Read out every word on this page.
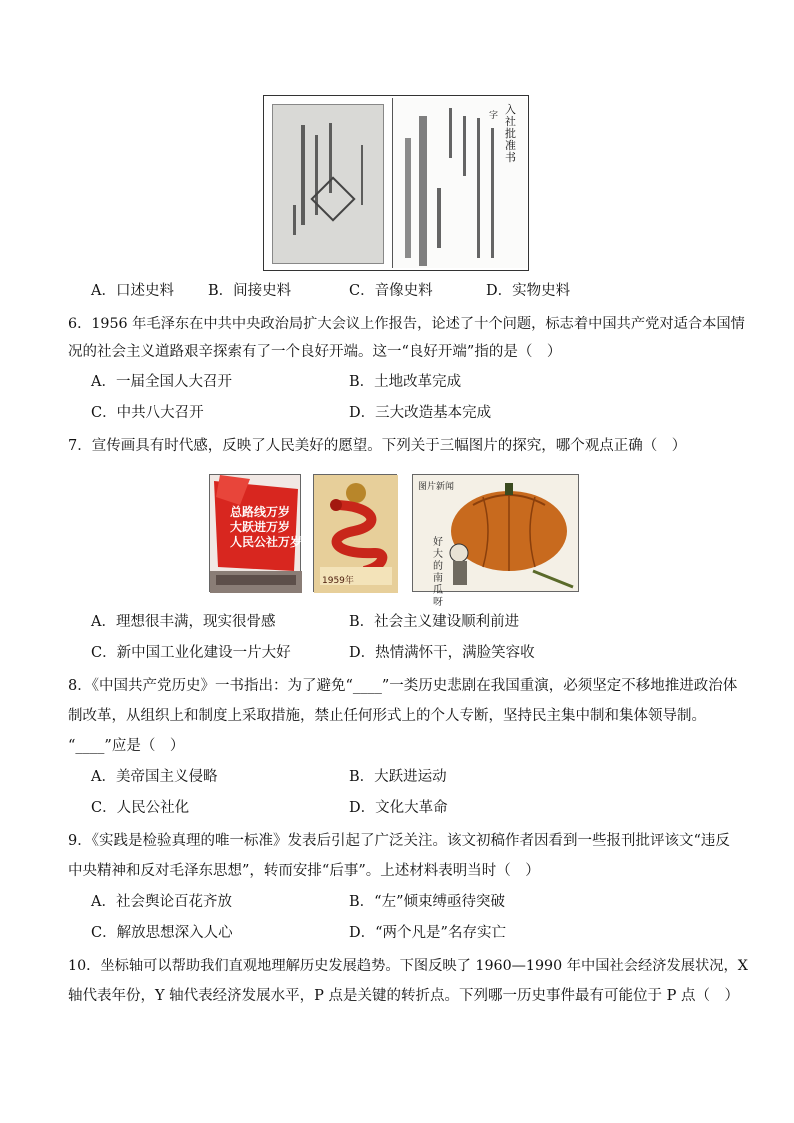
入社批准书
字
A．口述史料 B．间接史料	C．音像史料	D．实物史料
6．1956 年毛泽东在中共中央政治局扩大会议上作报告，论述了十个问题，标志着中国共产党对适合本国情
况的社会主义道路艰辛探索有了一个良好开端。这一“良好开端”指的是（　）
A．一届全国人大召开	B．土地改革完成
C．中共八大召开	D．三大改造基本完成
7．宣传画具有时代感，反映了人民美好的愿望。下列关于三幅图片的探究，哪个观点正确（　）
总路线万岁
大跃进万岁
人民公社万岁
1959年
图片新闻
好大的南瓜呀
A．理想很丰满，现实很骨感	B．社会主义建设顺利前进
C．新中国工业化建设一片大好	D．热情满怀干，满脸笑容收
8．《中国共产党历史》一书指出：为了避免“____”一类历史悲剧在我国重演，必须坚定不移地推进政治体
制改革，从组织上和制度上采取措施，禁止任何形式上的个人专断，坚持民主集中制和集体领导制。
“____”应是（　）
A．美帝国主义侵略	B．大跃进运动
C．人民公社化	D．文化大革命
9．《实践是检验真理的唯一标准》发表后引起了广泛关注。该文初稿作者因看到一些报刊批评该文“违反
中央精神和反对毛泽东思想”，转而安排“后事”。上述材料表明当时（　）
A．社会舆论百花齐放	B．“左”倾束缚亟待突破
C．解放思想深入人心	D．“两个凡是”名存实亡
10．坐标轴可以帮助我们直观地理解历史发展趋势。下图反映了 1960—1990 年中国社会经济发展状况，X
轴代表年份，Y 轴代表经济发展水平，P 点是关键的转折点。下列哪一历史事件最有可能位于 P 点（　）
